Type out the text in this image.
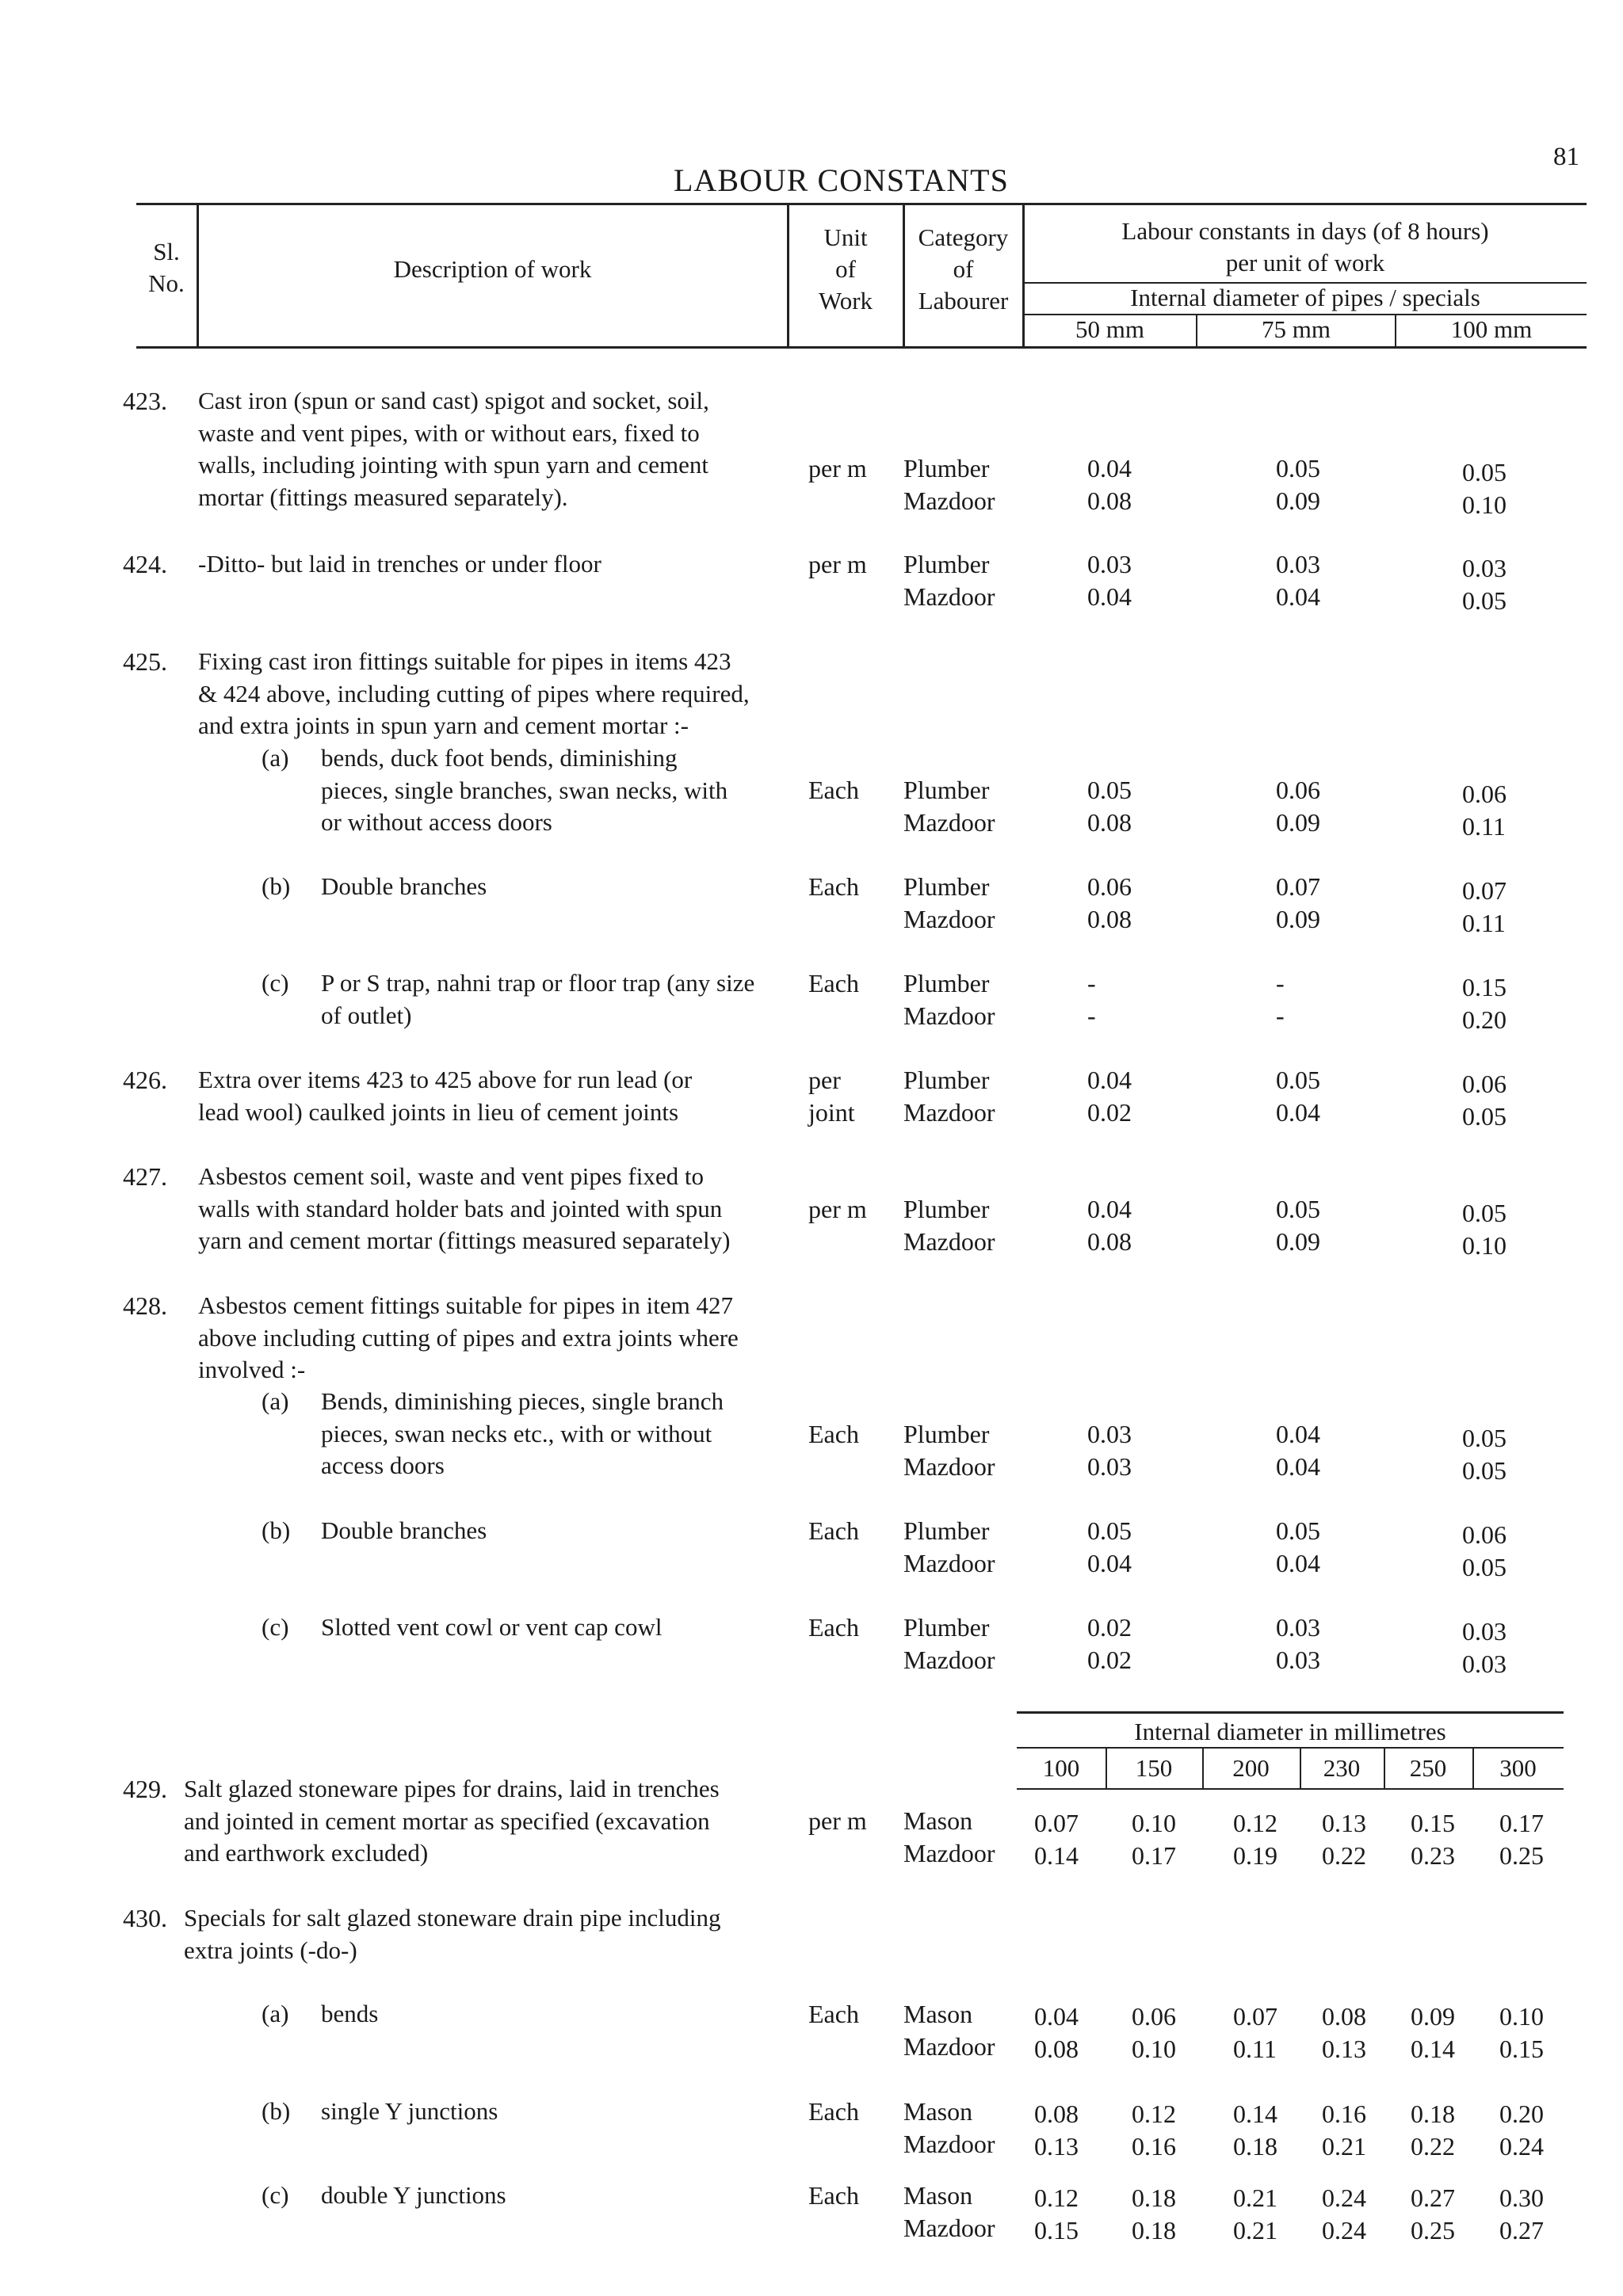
81
LABOUR CONSTANTS
Sl.
No.
Description of work
Unit
of
Work
Category
of
Labourer
Labour constants in days (of 8 hours)
per unit of work
Internal diameter of pipes / specials
50 mm	75 mm	100 mm
423. Cast iron (spun or sand cast) spigot and socket, soil,
waste and vent pipes, with or without ears, fixed to
walls, including jointing with spun yarn and cement
mortar (fittings measured separately).
per m Plumber	0.04	0.05	0.05
Mazdoor	0.08	0.09	0.10
424. -Ditto- but laid in trenches or under floor	per m Plumber	0.03	0.03	0.03
Mazdoor	0.04	0.04	0.05
425. Fixing cast iron fittings suitable for pipes in items 423
& 424 above, including cutting of pipes where required,
and extra joints in spun yarn and cement mortar :-
(a) bends, duck foot bends, diminishing
pieces, single branches, swan necks, with
or without access doors
Each Plumber	0.05	0.06	0.06
Mazdoor	0.08	0.09	0.11
(b) Double branches	Each Plumber	0.06	0.07	0.07
Mazdoor	0.08	0.09	0.11
(c) P or S trap, nahni trap or floor trap (any size
of outlet)
Each Plumber	-	-	0.15
Mazdoor	-	-	0.20
426. Extra over items 423 to 425 above for run lead (or
lead wool) caulked joints in lieu of cement joints
per
joint
Plumber	0.04	0.05	0.06
Mazdoor	0.02	0.04	0.05
427. Asbestos cement soil, waste and vent pipes fixed to
walls with standard holder bats and jointed with spun
yarn and cement mortar (fittings measured separately)
per m Plumber	0.04	0.05	0.05
Mazdoor	0.08	0.09	0.10
428. Asbestos cement fittings suitable for pipes in item 427
above including cutting of pipes and extra joints where
involved :-
(a) Bends, diminishing pieces, single branch
pieces, swan necks etc., with or without
access doors
Each Plumber	0.03	0.04	0.05
Mazdoor	0.03	0.04	0.05
(b) Double branches	Each Plumber	0.05	0.05	0.06
Mazdoor	0.04	0.04	0.05
(c) Slotted vent cowl or vent cap cowl	Each Plumber	0.02	0.03	0.03
Mazdoor	0.02	0.03	0.03
429. Salt glazed stoneware pipes for drains, laid in trenches
and jointed in cement mortar as specified (excavation
and earthwork excluded)
per m Mason 0.07 0.10 0.12 0.13 0.15 0.17
Mazdoor 0.14 0.17 0.19 0.22 0.23 0.25
430. Specials for salt glazed stoneware drain pipe including
extra joints (-do-)
(a) bends	Each Mason 0.04 0.06 0.07 0.08 0.09 0.10
Mazdoor 0.08 0.10 0.11 0.13 0.14 0.15
(b) single Y junctions	Each Mason 0.08 0.12 0.14 0.16 0.18 0.20
Mazdoor 0.13 0.16 0.18 0.21 0.22 0.24
(c) double Y junctions	Each Mason 0.12 0.18 0.21 0.24 0.27 0.30
Mazdoor 0.15 0.18 0.21 0.24 0.25 0.27
Internal diameter in millimetres
100	150	200	230	250	300
